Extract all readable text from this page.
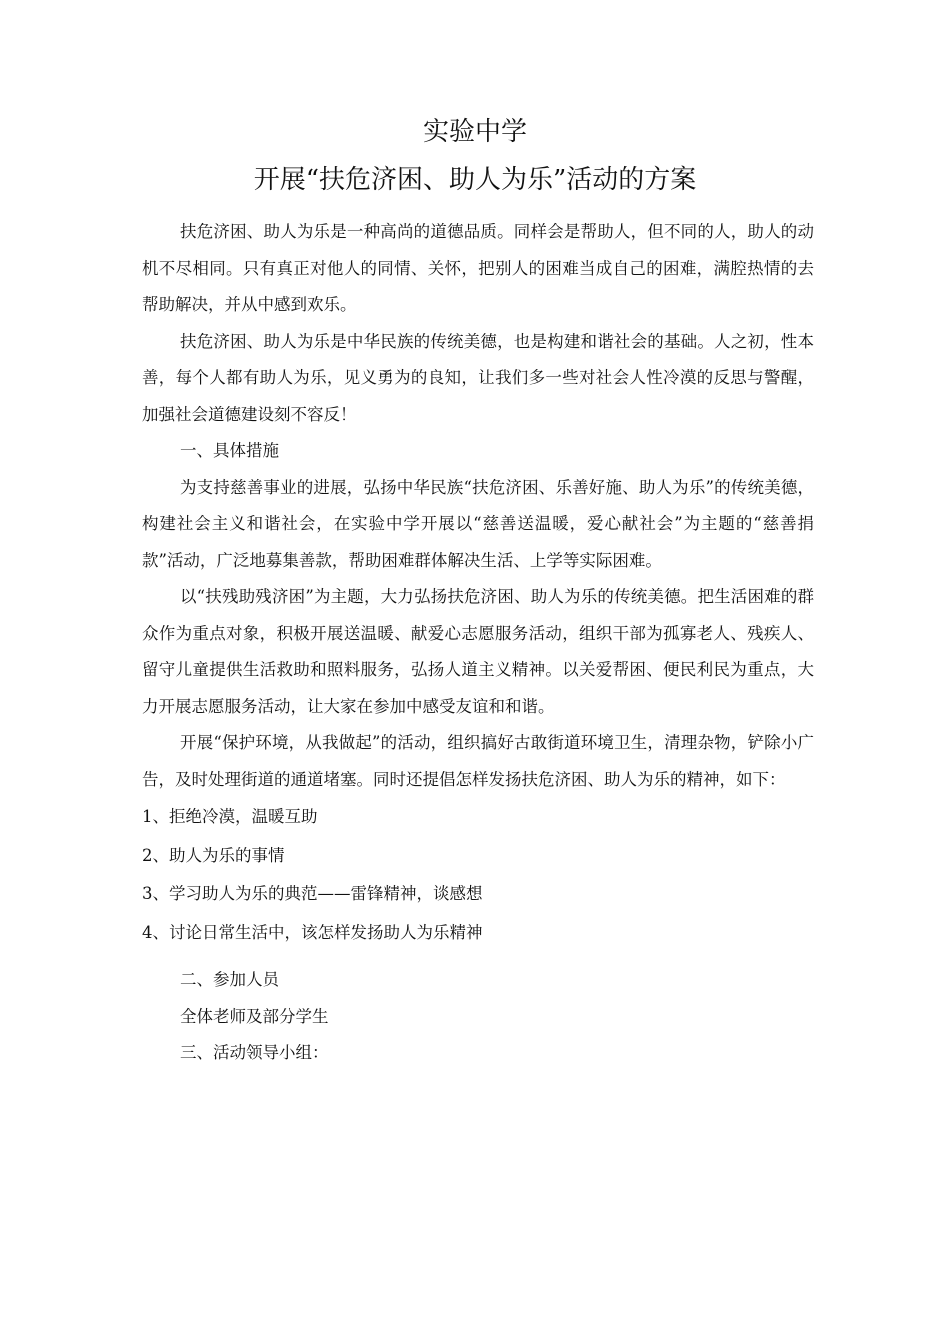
实验中学
开展“扶危济困、助人为乐”活动的方案

扶危济困、助人为乐是一种高尚的道德品质。同样会是帮助人，但不同的人，助人的动机不尽相同。只有真正对他人的同情、关怀，把别人的困难当成自己的困难，满腔热情的去帮助解决，并从中感到欢乐。

扶危济困、助人为乐是中华民族的传统美德，也是构建和谐社会的基础。人之初，性本善，每个人都有助人为乐，见义勇为的良知，让我们多一些对社会人性冷漠的反思与警醒，加强社会道德建设刻不容反！

一、具体措施

为支持慈善事业的进展，弘扬中华民族“扶危济困、乐善好施、助人为乐”的传统美德，构建社会主义和谐社会，在实验中学开展以“慈善送温暖，爱心献社会”为主题的“慈善捐款”活动，广泛地募集善款，帮助困难群体解决生活、上学等实际困难。

以“扶残助残济困”为主题，大力弘扬扶危济困、助人为乐的传统美德。把生活困难的群众作为重点对象，积极开展送温暖、献爱心志愿服务活动，组织干部为孤寡老人、残疾人、留守儿童提供生活救助和照料服务，弘扬人道主义精神。以关爱帮困、便民利民为重点，大力开展志愿服务活动，让大家在参加中感受友谊和和谐。

开展“保护环境，从我做起”的活动，组织搞好古敢街道环境卫生，清理杂物，铲除小广告，及时处理街道的通道堵塞。同时还提倡怎样发扬扶危济困、助人为乐的精神，如下：

1、拒绝冷漠，温暖互助

2、助人为乐的事情

3、学习助人为乐的典范——雷锋精神，谈感想

4、讨论日常生活中，该怎样发扬助人为乐精神

二、参加人员

全体老师及部分学生

三、活动领导小组：
